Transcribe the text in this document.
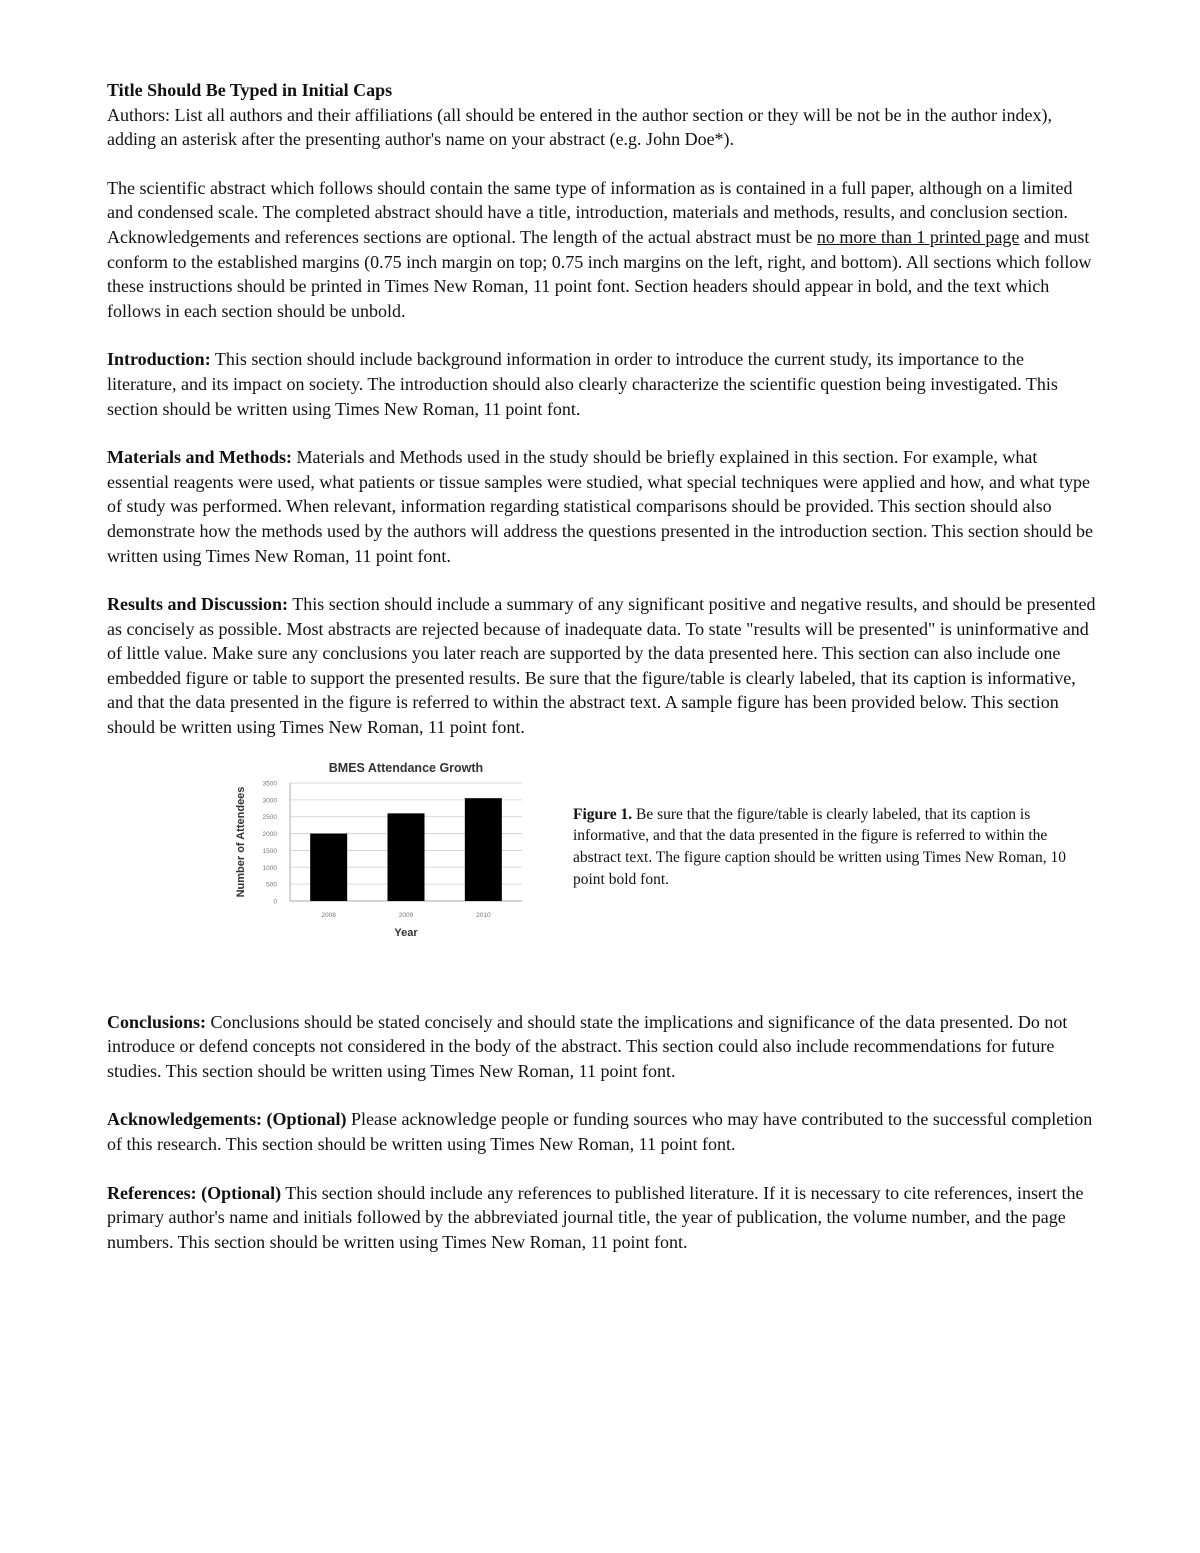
Title Should Be Typed in Initial Caps

Authors: List all authors and their affiliations (all should be entered in the author section or they will be not be in the author index), adding an asterisk after the presenting author's name on your abstract (e.g. John Doe*).

The scientific abstract which follows should contain the same type of information as is contained in a full paper, although on a limited and condensed scale. The completed abstract should have a title, introduction, materials and methods, results, and conclusion section. Acknowledgements and references sections are optional. The length of the actual abstract must be no more than 1 printed page and must conform to the established margins (0.75 inch margin on top; 0.75 inch margins on the left, right, and bottom). All sections which follow these instructions should be printed in Times New Roman, 11 point font. Section headers should appear in bold, and the text which follows in each section should be unbold.

Introduction: This section should include background information in order to introduce the current study, its importance to the literature, and its impact on society. The introduction should also clearly characterize the scientific question being investigated. This section should be written using Times New Roman, 11 point font.

Materials and Methods: Materials and Methods used in the study should be briefly explained in this section. For example, what essential reagents were used, what patients or tissue samples were studied, what special techniques were applied and how, and what type of study was performed. When relevant, information regarding statistical comparisons should be provided. This section should also demonstrate how the methods used by the authors will address the questions presented in the introduction section. This section should be written using Times New Roman, 11 point font.

Results and Discussion: This section should include a summary of any significant positive and negative results, and should be presented as concisely as possible. Most abstracts are rejected because of inadequate data. To state "results will be presented" is uninformative and of little value. Make sure any conclusions you later reach are supported by the data presented here. This section can also include one embedded figure or table to support the presented results. Be sure that the figure/table is clearly labeled, that its caption is informative, and that the data presented in the figure is referred to within the abstract text. A sample figure has been provided below. This section should be written using Times New Roman, 11 point font.

BMES Attendance Growth
0
500
1000
1500
2000
2500
3000
3500
2008	2009	2010
Year
Number of Attendees	Figure 1. Be sure that the figure/table is clearly labeled, that its caption is informative, and that the data presented in the figure is referred to within the abstract text. The figure caption should be written using Times New Roman, 10 point bold font.

Conclusions: Conclusions should be stated concisely and should state the implications and significance of the data presented. Do not introduce or defend concepts not considered in the body of the abstract. This section could also include recommendations for future studies. This section should be written using Times New Roman, 11 point font.

Acknowledgements: (Optional) Please acknowledge people or funding sources who may have contributed to the successful completion of this research. This section should be written using Times New Roman, 11 point font.

References: (Optional) This section should include any references to published literature. If it is necessary to cite references, insert the primary author's name and initials followed by the abbreviated journal title, the year of publication, the volume number, and the page numbers. This section should be written using Times New Roman, 11 point font.
